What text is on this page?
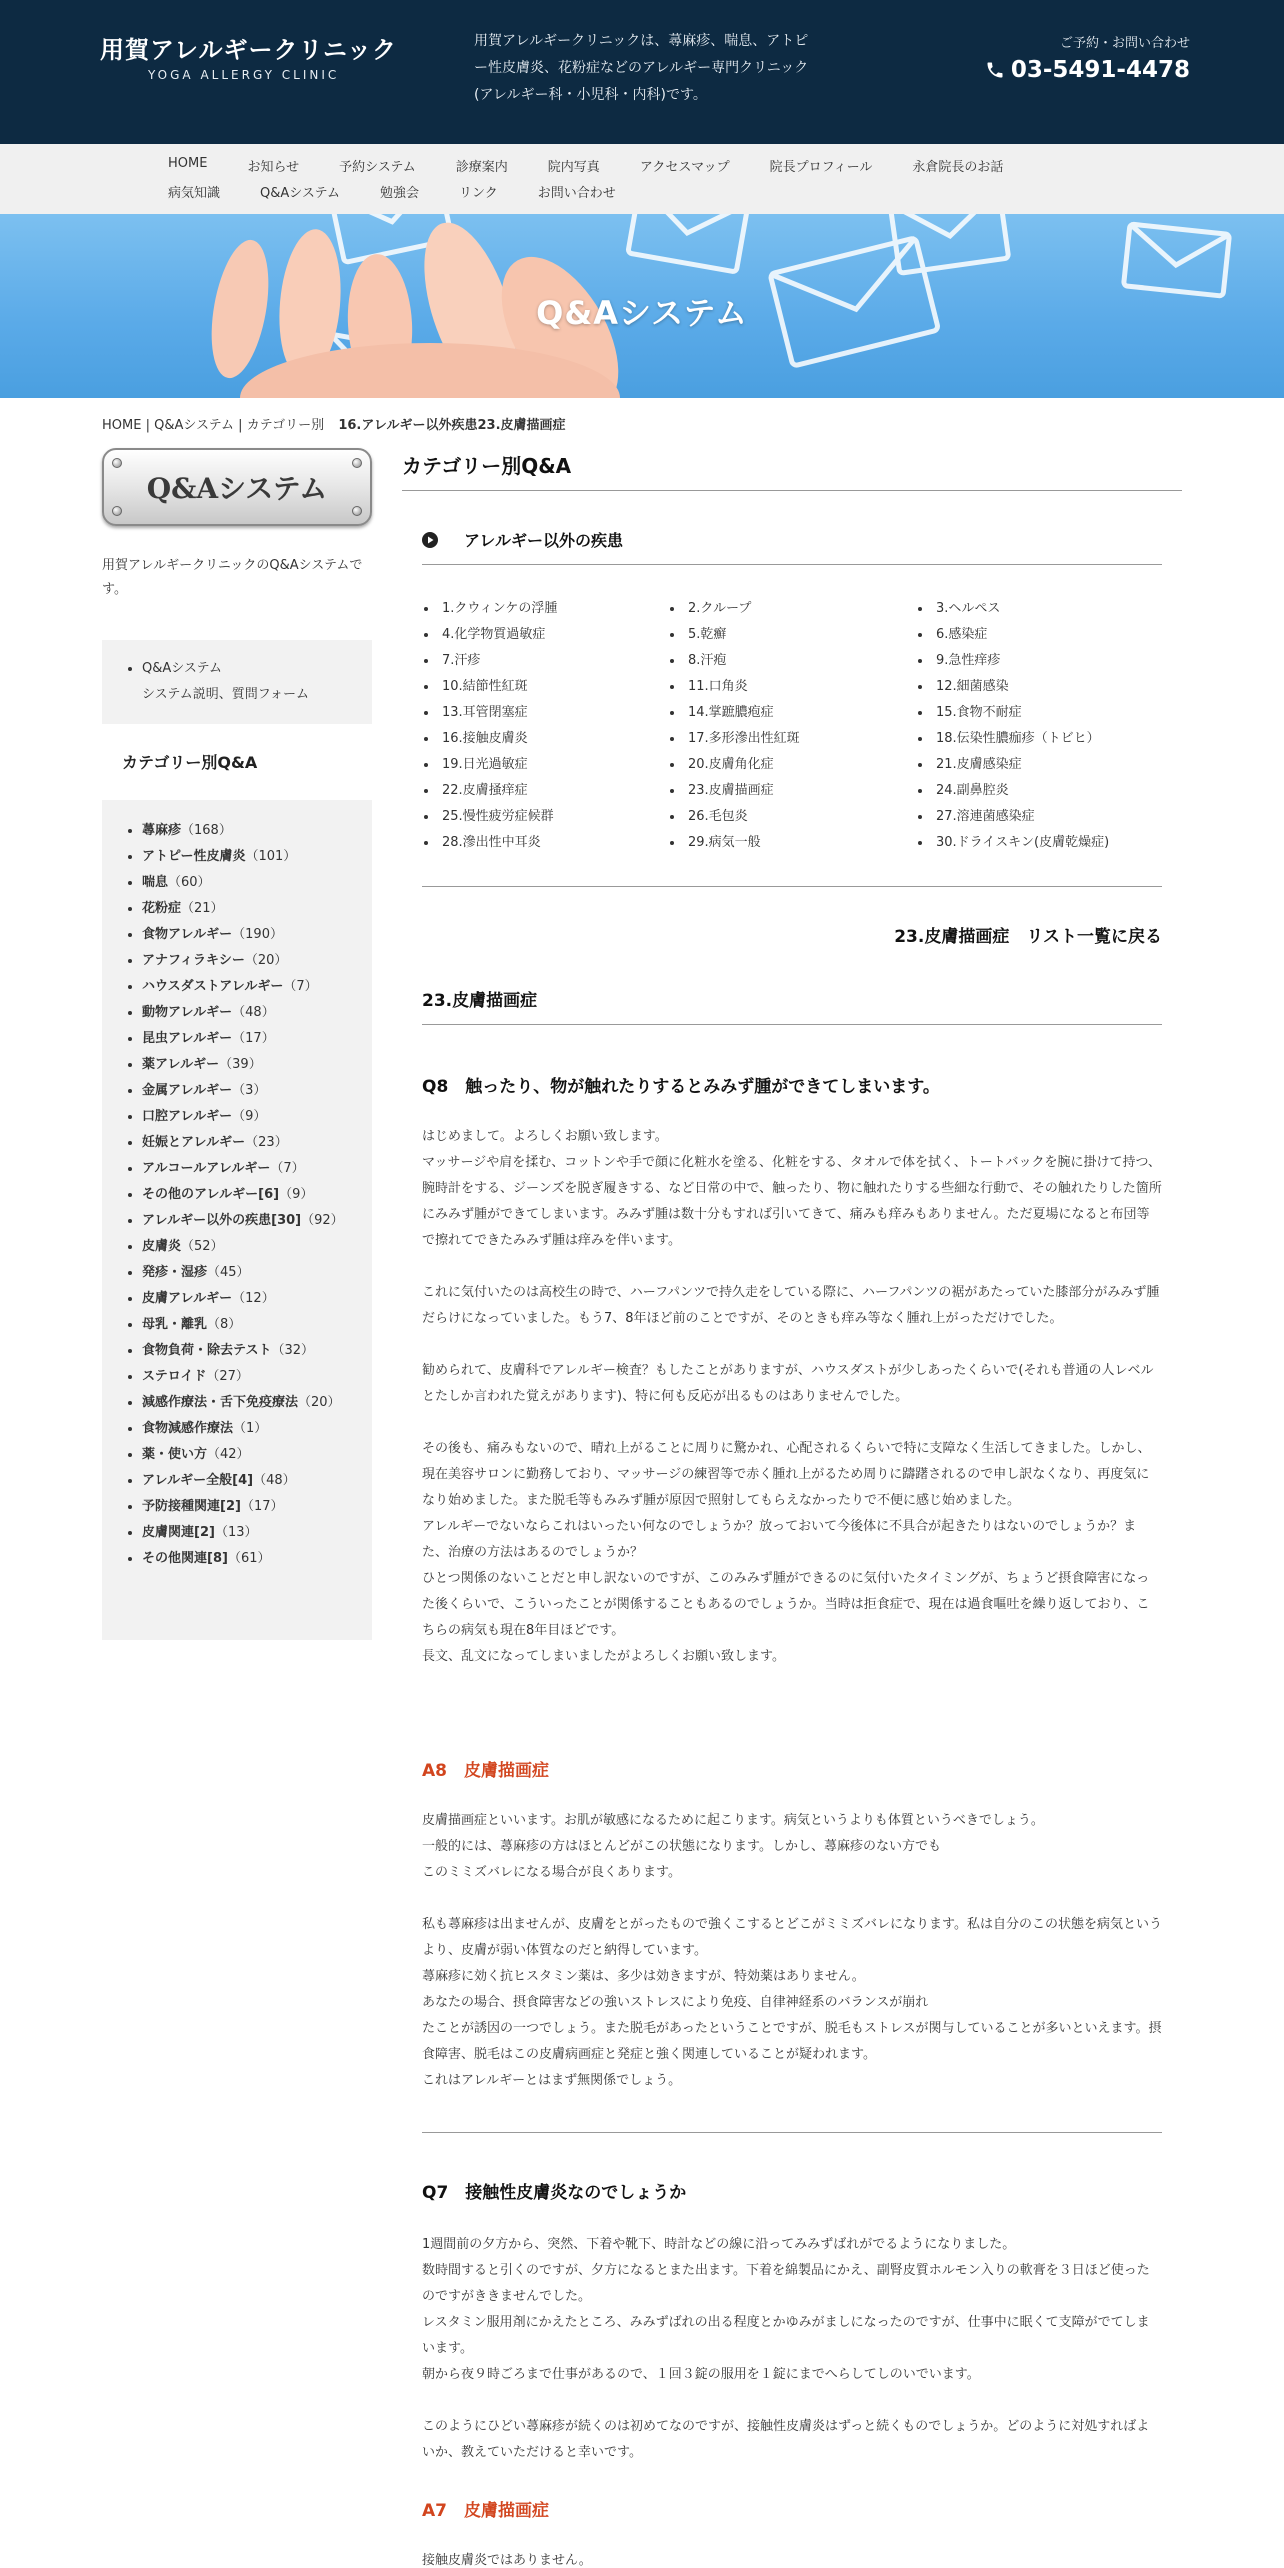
用賀アレルギークリニック
YOGA ALLERGY CLINIC
用賀アレルギークリニックは、蕁麻疹、喘息、アトピー性皮膚炎、花粉症などのアレルギー専門クリニック(アレルギー科・小児科・内科)です。
ご予約・お問い合わせ
03-5491-4478
HOME	お知らせ	予約システム	診療案内	院内写真	アクセスマップ	院長プロフィール	永倉院長のお話
病気知識	Q&Aシステム	勉強会	リンク	お問い合わせ
Q&Aシステム
HOME | Q&Aシステム | カテゴリー別 16.アレルギー以外疾患23.皮膚描画症
Q&Aシステム
用賀アレルギークリニックのQ&Aシステムです。
• Q&Aシステム
システム説明、質問フォーム
カテゴリー別Q&A
• 蕁麻疹（168）
• アトピー性皮膚炎（101）
• 喘息（60）
• 花粉症（21）
• 食物アレルギー（190）
• アナフィラキシー（20）
• ハウスダストアレルギー（7）
• 動物アレルギー（48）
• 昆虫アレルギー（17）
• 薬アレルギー（39）
• 金属アレルギー（3）
• 口腔アレルギー（9）
• 妊娠とアレルギー（23）
• アルコールアレルギー（7）
• その他のアレルギー[6]（9）
• アレルギー以外の疾患[30]（92）
• 皮膚炎（52）
• 発疹・湿疹（45）
• 皮膚アレルギー（12）
• 母乳・離乳（8）
• 食物負荷・除去テスト（32）
• ステロイド（27）
• 減感作療法・舌下免疫療法（20）
• 食物減感作療法（1）
• 薬・使い方（42）
• アレルギー全般[4]（48）
• 予防接種関連[2]（17）
• 皮膚関連[2]（13）
• その他関連[8]（61）
カテゴリー別Q&A
アレルギー以外の疾患
• 1.クウィンケの浮腫	• 2.クループ	• 3.ヘルペス
• 4.化学物質過敏症	• 5.乾癬	• 6.感染症
• 7.汗疹	• 8.汗疱	• 9.急性痒疹
• 10.結節性紅斑	• 11.口角炎	• 12.細菌感染
• 13.耳管閉塞症	• 14.掌蹠膿疱症	• 15.食物不耐症
• 16.接触皮膚炎	• 17.多形滲出性紅斑	• 18.伝染性膿痂疹（トビヒ）
• 19.日光過敏症	• 20.皮膚角化症	• 21.皮膚感染症
• 22.皮膚掻痒症	• 23.皮膚描画症	• 24.副鼻腔炎
• 25.慢性疲労症候群	• 26.毛包炎	• 27.溶連菌感染症
• 28.滲出性中耳炎	• 29.病気一般	• 30.ドライスキン(皮膚乾燥症)
23.皮膚描画症　リスト一覧に戻る
23.皮膚描画症
Q8　触ったり、物が触れたりするとみみず腫ができてしまいます。

はじめまして。よろしくお願い致します。

マッサージや肩を揉む、コットンや手で顔に化粧水を塗る、化粧をする、タオルで体を拭く、トートバックを腕に掛けて持つ、腕時計をする、ジーンズを脱ぎ履きする、など日常の中で、触ったり、物に触れたりする些細な行動で、その触れたりした箇所にみみず腫ができてしまいます。みみず腫は数十分もすれば引いてきて、痛みも痒みもありません。ただ夏場になると布団等で擦れてできたみみず腫は痒みを伴います。

これに気付いたのは高校生の時で、ハーフパンツで持久走をしている際に、ハーフパンツの裾があたっていた膝部分がみみず腫だらけになっていました。もう7、8年ほど前のことですが、そのときも痒み等なく腫れ上がっただけでした。

勧められて、皮膚科でアレルギー検査？もしたことがありますが、ハウスダストが少しあったくらいで(それも普通の人レベルとたしか言われた覚えがあります)、特に何も反応が出るものはありませんでした。

その後も、痛みもないので、晴れ上がることに周りに驚かれ、心配されるくらいで特に支障なく生活してきました。しかし、現在美容サロンに勤務しており、マッサージの練習等で赤く腫れ上がるため周りに躊躇されるので申し訳なくなり、再度気になり始めました。また脱毛等もみみず腫が原因で照射してもらえなかったりで不便に感じ始めました。

アレルギーでないならこれはいったい何なのでしょうか？放っておいて今後体に不具合が起きたりはないのでしょうか？また、治療の方法はあるのでしょうか？

ひとつ関係のないことだと申し訳ないのですが、このみみず腫ができるのに気付いたタイミングが、ちょうど摂食障害になった後くらいで、こういったことが関係することもあるのでしょうか。当時は拒食症で、現在は過食嘔吐を繰り返しており、こちらの病気も現在8年目ほどです。

長文、乱文になってしまいましたがよろしくお願い致します。

A8　皮膚描画症

皮膚描画症といいます。お肌が敏感になるために起こります。病気というよりも体質というべきでしょう。

一般的には、蕁麻疹の方はほとんどがこの状態になります。しかし、蕁麻疹のない方でも

このミミズバレになる場合が良くあります。

私も蕁麻疹は出ませんが、皮膚をとがったもので強くこするとどこがミミズバレになります。私は自分のこの状態を病気というより、皮膚が弱い体質なのだと納得しています。

蕁麻疹に効く抗ヒスタミン薬は、多少は効きますが、特効薬はありません。

あなたの場合、摂食障害などの強いストレスにより免疫、自律神経系のバランスが崩れ

たことが誘因の一つでしょう。また脱毛があったということですが、脱毛もストレスが関与していることが多いといえます。摂食障害、脱毛はこの皮膚病画症と発症と強く関連していることが疑われます。

これはアレルギーとはまず無関係でしょう。

Q7　接触性皮膚炎なのでしょうか

1週間前の夕方から、突然、下着や靴下、時計などの線に沿ってみみずばれがでるようになりました。

数時間すると引くのですが、夕方になるとまた出ます。下着を綿製品にかえ、副腎皮質ホルモン入りの軟膏を３日ほど使ったのですがききませんでした。

レスタミン服用剤にかえたところ、みみずばれの出る程度とかゆみがましになったのですが、仕事中に眠くて支障がでてしまいます。

朝から夜９時ごろまで仕事があるので、１回３錠の服用を１錠にまでへらしてしのいでいます。

このようにひどい蕁麻疹が続くのは初めてなのですが、接触性皮膚炎はずっと続くものでしょうか。どのように対処すればよいか、教えていただけると幸いです。

A7　皮膚描画症

接触皮膚炎ではありません。
